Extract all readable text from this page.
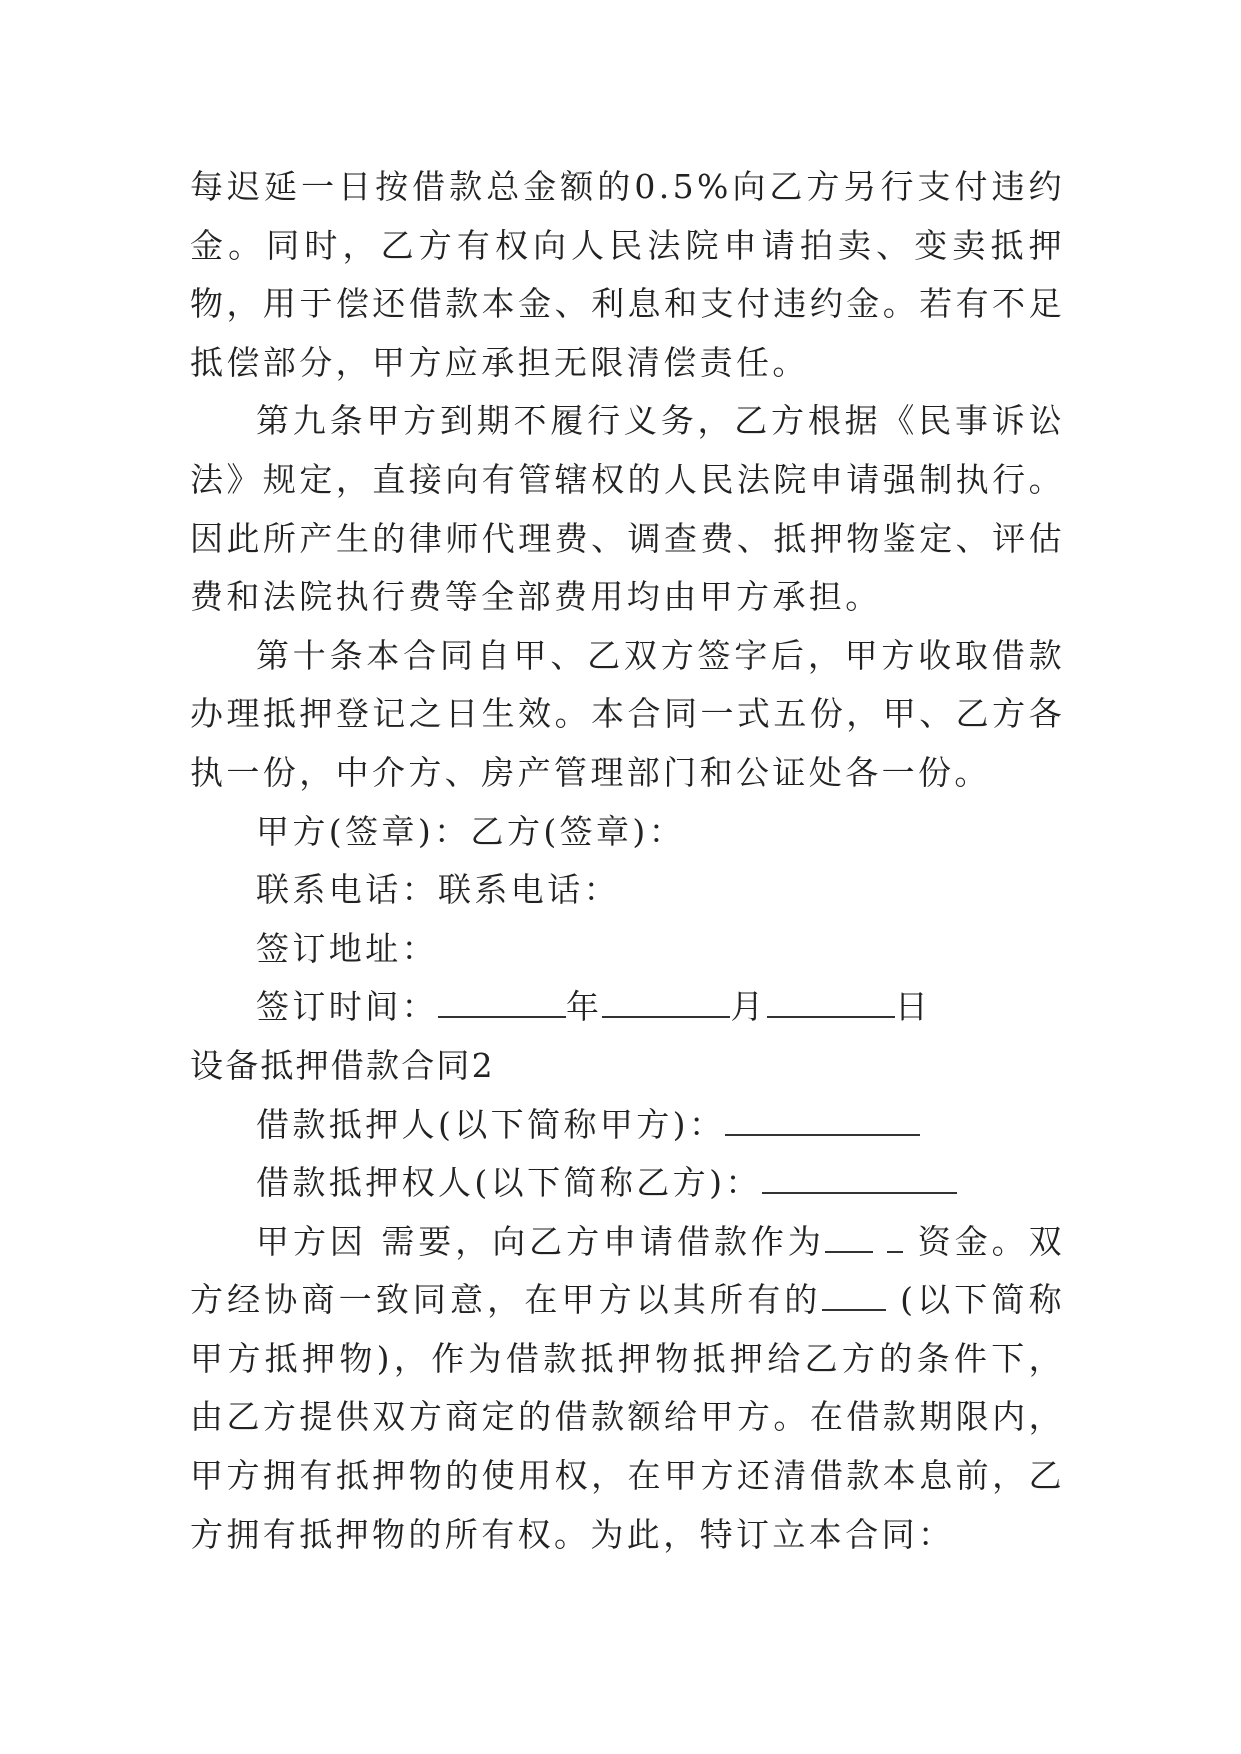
每迟延一日按借款总金额的0.5%向乙方另行支付违约金。同时，乙方有权向人民法院申请拍卖、变卖抵押物，用于偿还借款本金、利息和支付违约金。若有不足抵偿部分，甲方应承担无限清偿责任。

第九条甲方到期不履行义务，乙方根据《民事诉讼法》规定，直接向有管辖权的人民法院申请强制执行。因此所产生的律师代理费、调查费、抵押物鉴定、评估费和法院执行费等全部费用均由甲方承担。

第十条本合同自甲、乙双方签字后，甲方收取借款办理抵押登记之日生效。本合同一式五份，甲、乙方各执一份，中介方、房产管理部门和公证处各一份。

甲方(签章)：乙方(签章)：

联系电话：联系电话：

签订地址：

签订时间：	年	月	日

设备抵押借款合同2

借款抵押人(以下简称甲方)：

借款抵押权人(以下简称乙方)：

甲方因 需要，向乙方申请借款作为	资金。双方经协商一致同意，在甲方以其所有的 (以下简称甲方抵押物)，作为借款抵押物抵押给乙方的条件下，由乙方提供双方商定的借款额给甲方。在借款期限内，甲方拥有抵押物的使用权，在甲方还清借款本息前，乙方拥有抵押物的所有权。为此，特订立本合同：
